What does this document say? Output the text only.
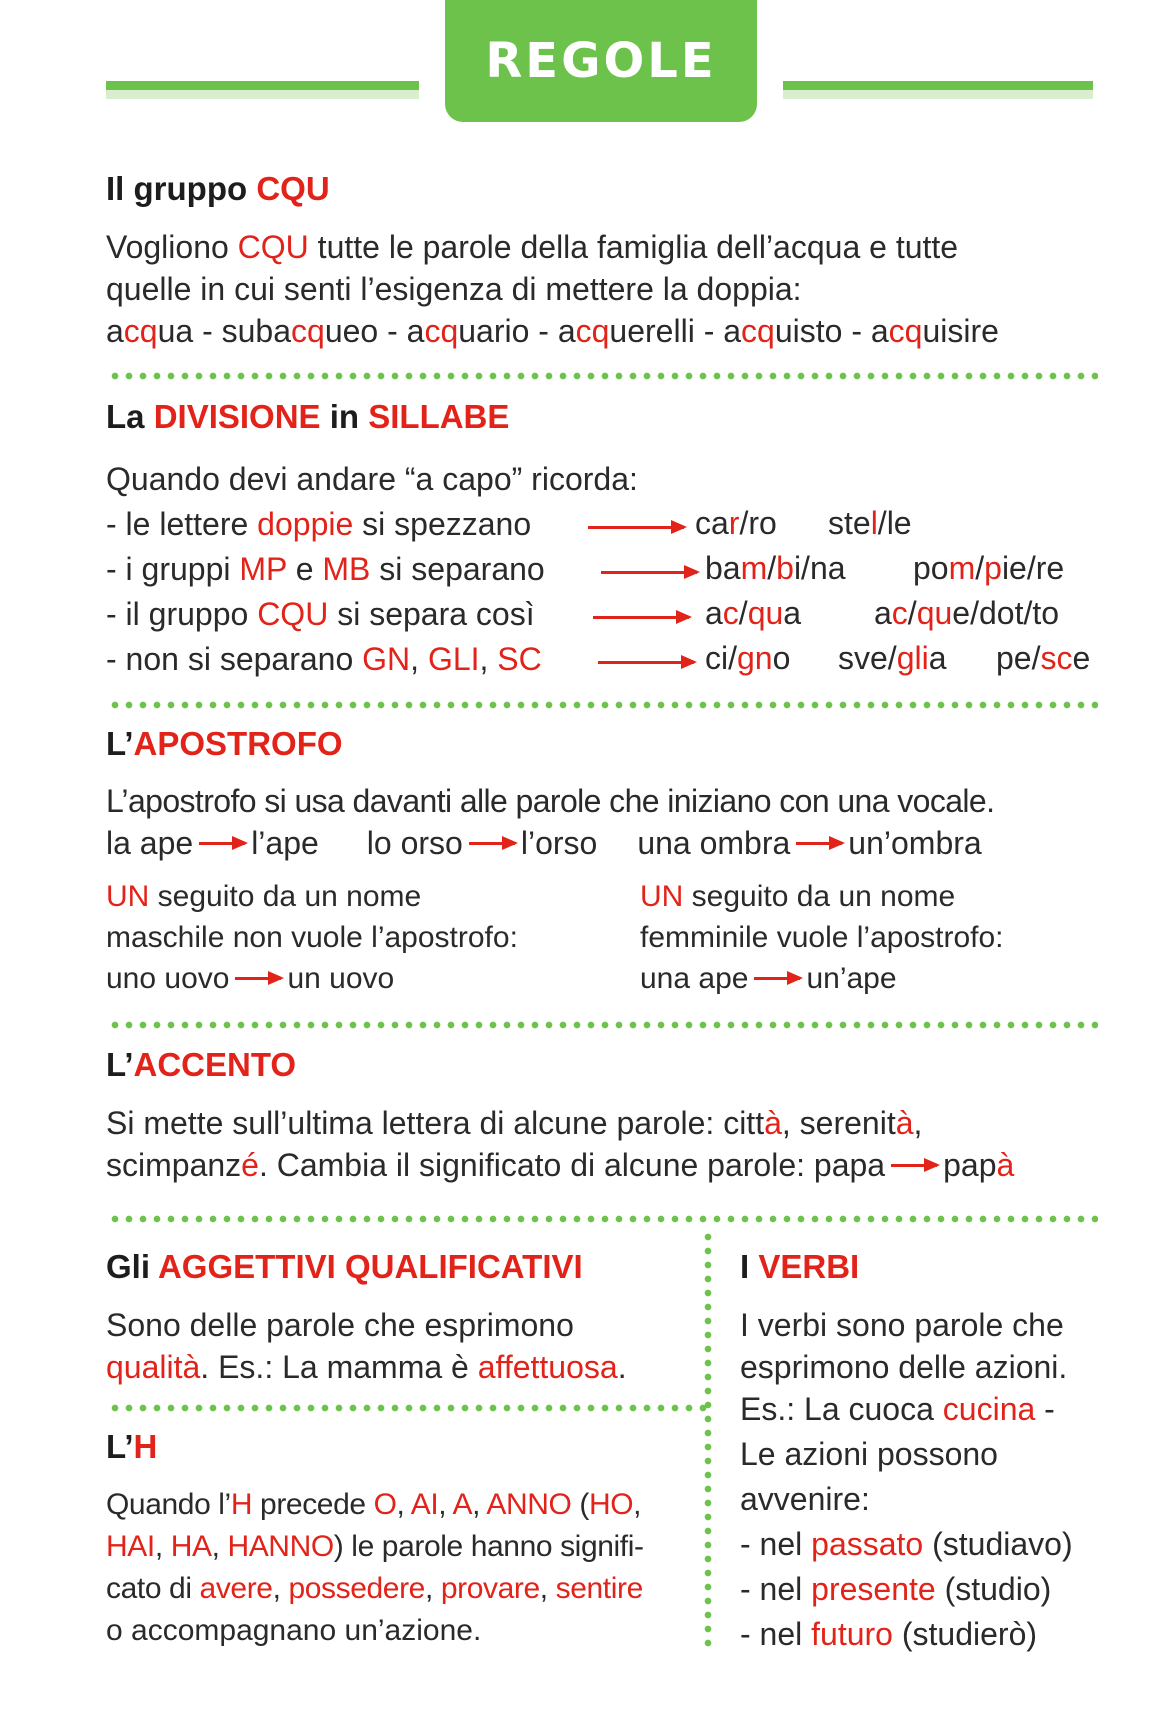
REGOLE
Il gruppo CQU
Vogliono CQU tutte le parole della famiglia dell’acqua e tutte
quelle in cui senti l’esigenza di mettere la doppia:
acqua - subacqueo - acquario - acquerelli - acquisto - acquisire
La DIVISIONE in SILLABE
Quando devi andare “a capo” ricorda:
- le lettere doppie si spezzano	car/ro stel/le
- i gruppi MP e MB si separano	bam/bi/na pom/pie/re
- il gruppo CQU si separa così	ac/qua ac/que/dot/to
- non si separano GN, GLI, SC	ci/gno sve/glia pe/sce
L’APOSTROFO
L’apostrofo si usa davanti alle parole che iniziano con una vocale.
la ape l’ape lo orso l’orso una ombra un’ombra
UN seguito da un nome
maschile non vuole l’apostrofo:
uno uovo un uovo
UN seguito da un nome
femminile vuole l’apostrofo:
una ape un’ape
L’ACCENTO
Si mette sull’ultima lettera di alcune parole: città, serenità,
scimpanzé. Cambia il significato di alcune parole: papa papà
Gli AGGETTIVI QUALIFICATIVI
Sono delle parole che esprimono
qualità. Es.: La mamma è affettuosa.
L’H
Quando l’H precede O, AI, A, ANNO (HO,
HAI, HA, HANNO) le parole hanno signifi-
cato di avere, possedere, provare, sentire
o accompagnano un’azione.
I VERBI
I verbi sono parole che
esprimono delle azioni.
Es.: La cuoca cucina -
Le azioni possono
avvenire:
- nel passato (studiavo)
- nel presente (studio)
- nel futuro (studierò)
